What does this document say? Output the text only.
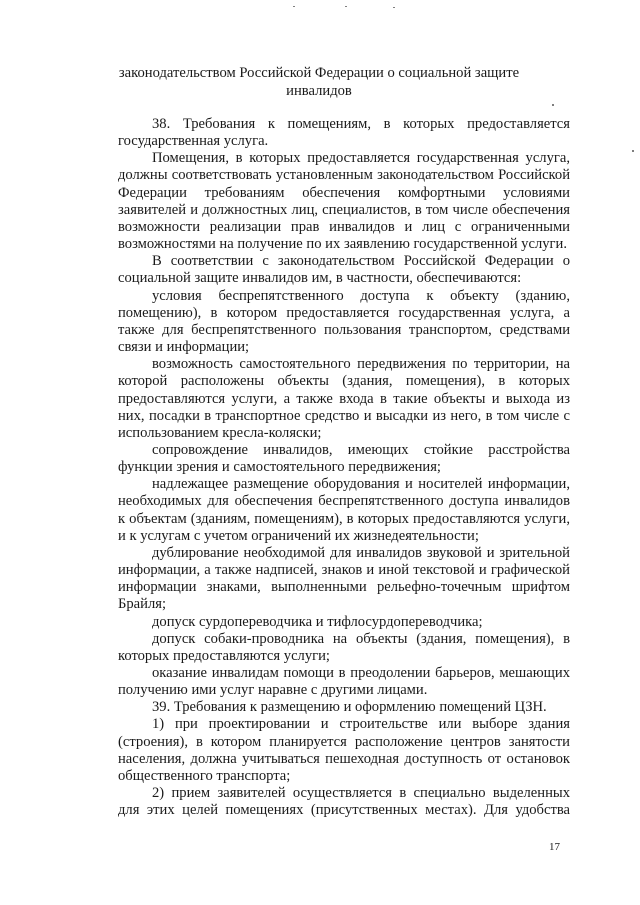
законодательством Российской Федерации о социальной защите инвалидов

38. Требования к помещениям, в которых предоставляется государственная услуга.

Помещения, в которых предоставляется государственная услуга, должны соответствовать установленным законодательством Российской Федерации требованиям обеспечения комфортными условиями заявителей и должностных лиц, специалистов, в том числе обеспечения возможности реализации прав инвалидов и лиц с ограниченными возможностями на получение по их заявлению государственной услуги.

В соответствии с законодательством Российской Федерации о социальной защите инвалидов им, в частности, обеспечиваются:

условия беспрепятственного доступа к объекту (зданию, помещению), в котором предоставляется государственная услуга, а также для беспрепятственного пользования транспортом, средствами связи и информации;

возможность самостоятельного передвижения по территории, на которой расположены объекты (здания, помещения), в которых предоставляются услуги, а также входа в такие объекты и выхода из них, посадки в транспортное средство и высадки из него, в том числе с использованием кресла-коляски;

сопровождение инвалидов, имеющих стойкие расстройства функции зрения и самостоятельного передвижения;

надлежащее размещение оборудования и носителей информации, необходимых для обеспечения беспрепятственного доступа инвалидов к объектам (зданиям, помещениям), в которых предоставляются услуги, и к услугам с учетом ограничений их жизнедеятельности;

дублирование необходимой для инвалидов звуковой и зрительной информации, а также надписей, знаков и иной текстовой и графической информации знаками, выполненными рельефно-точечным шрифтом Брайля;

допуск сурдопереводчика и тифлосурдопереводчика;

допуск собаки-проводника на объекты (здания, помещения), в которых предоставляются услуги;

оказание инвалидам помощи в преодолении барьеров, мешающих получению ими услуг наравне с другими лицами.

39. Требования к размещению и оформлению помещений ЦЗН.

1) при проектировании и строительстве или выборе здания (строения), в котором планируется расположение центров занятости населения, должна учитываться пешеходная доступность от остановок общественного транспорта;

2) прием заявителей осуществляется в специально выделенных для этих целей помещениях (присутственных местах). Для удобства

17
